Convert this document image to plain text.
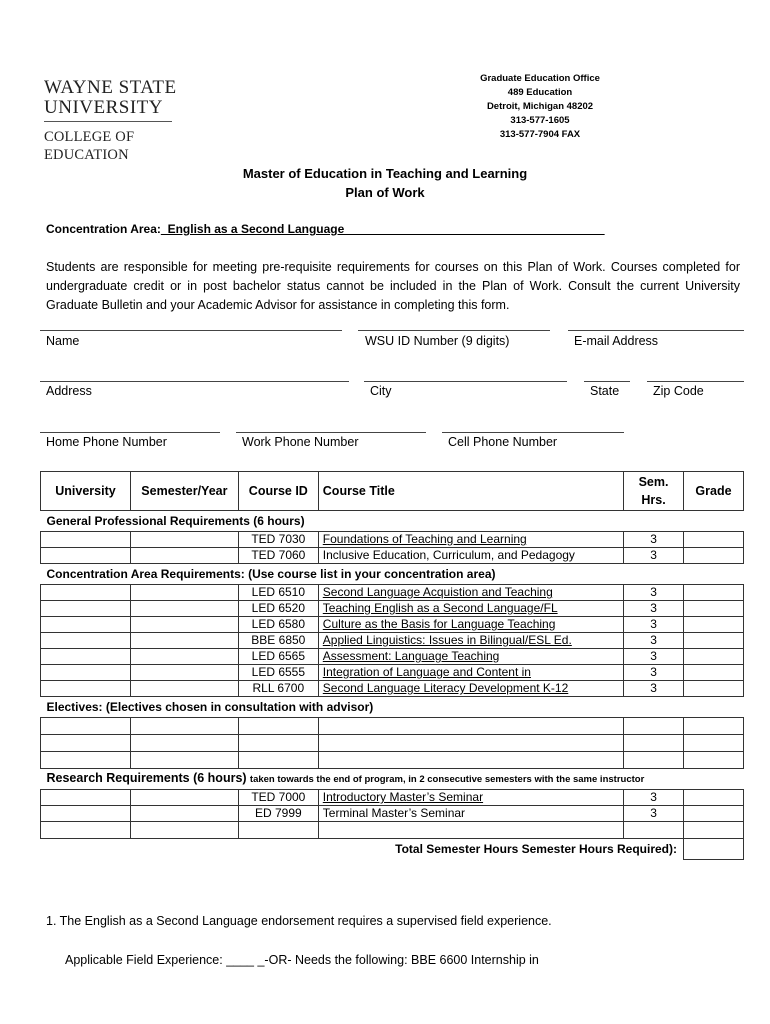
WAYNE STATE
UNIVERSITY
COLLEGE OF EDUCATION
Graduate Education Office
489 Education
Detroit, Michigan 48202
313-577-1605
313-577-7904 FAX
Master of Education in Teaching and Learning
Plan of Work
Concentration Area:_English as a Second Language_______________________________________
Students are responsible for meeting pre-requisite requirements for courses on this Plan of Work. Courses completed for undergraduate credit or in post bachelor status cannot be included in the Plan of Work. Consult the current University Graduate Bulletin and your Academic Advisor for assistance in completing this form.
Name	WSU ID Number (9 digits)	E-mail Address
Address	City	State	Zip Code
Home Phone Number	Work Phone Number	Cell Phone Number
University	Semester/Year	Course ID	Course Title	Sem. Hrs.	Grade
General Professional Requirements (6 hours)					
		TED 7030	Foundations of Teaching and Learning	3	
		TED 7060	Inclusive Education, Curriculum, and Pedagogy	3	
Concentration Area Requirements: (Use course list in your concentration area)					
		LED 6510	Second Language Acquistion and Teaching	3	
		LED 6520	Teaching English as a Second Language/FL	3	
		LED 6580	Culture as the Basis for Language Teaching	3	
		BBE 6850	Applied Linguistics: Issues in Bilingual/ESL Ed.	3	
		LED 6565	Assessment: Language Teaching	3	
		LED 6555	Integration of Language and Content in	3	
		RLL 6700	Second Language Literacy Development K-12	3	
Electives: (Electives chosen in consultation with advisor)					

Research Requirements (6 hours) taken towards the end of program, in 2 consecutive semesters with the same instructor					
		TED 7000	Introductory Master’s Seminar	3	
		ED 7999	Terminal Master’s Seminar	3	

Total Semester Hours Semester Hours Required):					
1. The English as a Second Language endorsement requires a supervised field experience.
Applicable Field Experience: ____ _-OR- Needs the following: BBE 6600 Internship in
